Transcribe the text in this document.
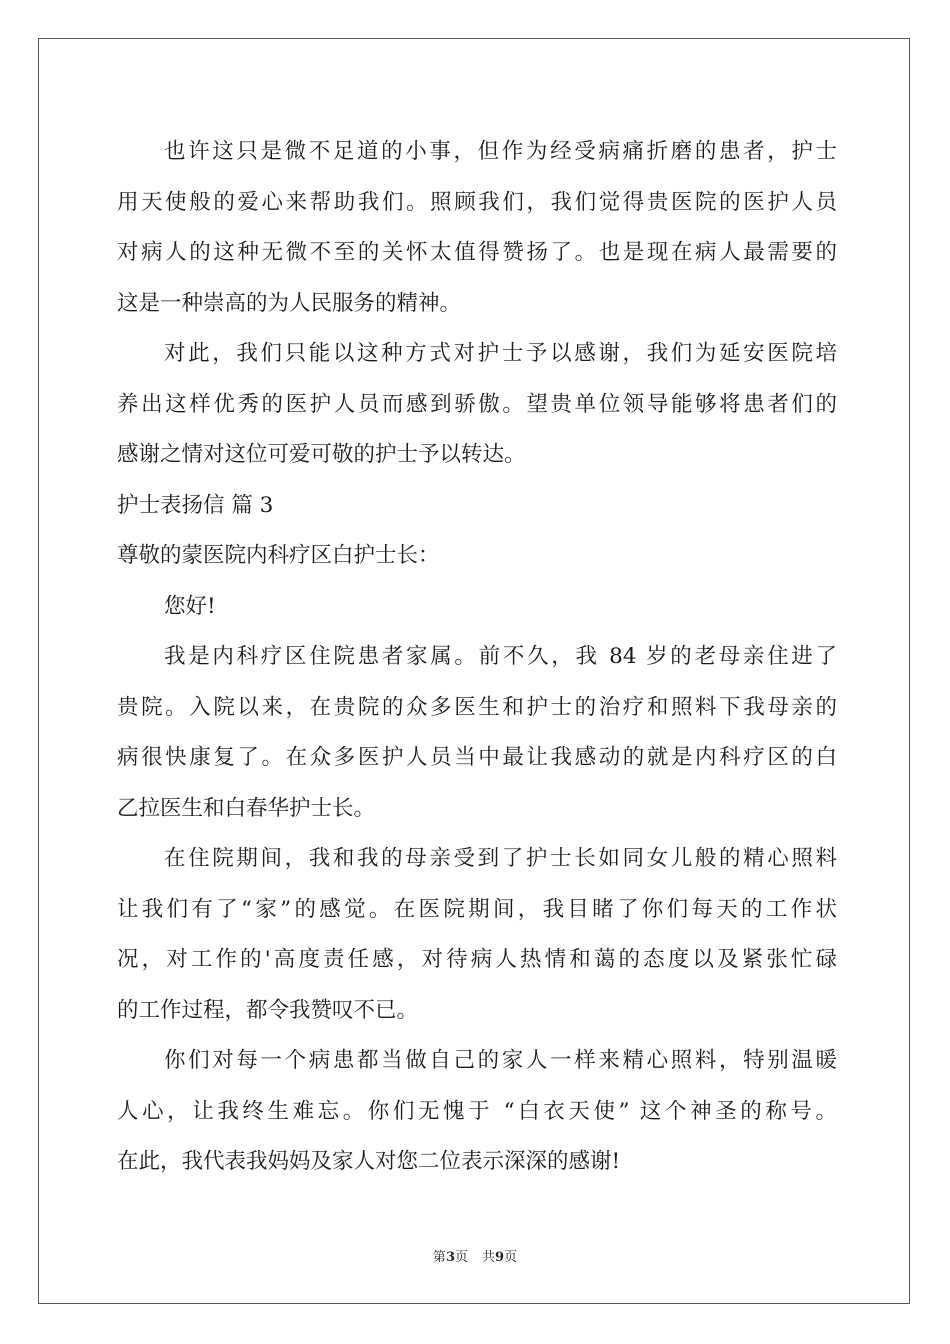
也许这只是微不足道的小事，但作为经受病痛折磨的患者，护士
用天使般的爱心来帮助我们。照顾我们，我们觉得贵医院的医护人员
对病人的这种无微不至的关怀太值得赞扬了。也是现在病人最需要的
这是一种崇高的为人民服务的精神。
对此，我们只能以这种方式对护士予以感谢，我们为延安医院培
养出这样优秀的医护人员而感到骄傲。望贵单位领导能够将患者们的
感谢之情对这位可爱可敬的护士予以转达。
护士表扬信 篇 3
尊敬的蒙医院内科疗区白护士长：
您好!
我是内科疗区住院患者家属。前不久，我 84 岁的老母亲住进了
贵院。入院以来，在贵院的众多医生和护士的治疗和照料下我母亲的
病很快康复了。在众多医护人员当中最让我感动的就是内科疗区的白
乙拉医生和白春华护士长。
在住院期间，我和我的母亲受到了护士长如同女儿般的精心照料
让我们有了“家”的感觉。在医院期间，我目睹了你们每天的工作状
况，对工作的'高度责任感，对待病人热情和蔼的态度以及紧张忙碌
的工作过程，都令我赞叹不已。
你们对每一个病患都当做自己的家人一样来精心照料，特别温暖
人心，让我终生难忘。你们无愧于 “白衣天使” 这个神圣的称号。
在此，我代表我妈妈及家人对您二位表示深深的感谢!
第3页 共9页
